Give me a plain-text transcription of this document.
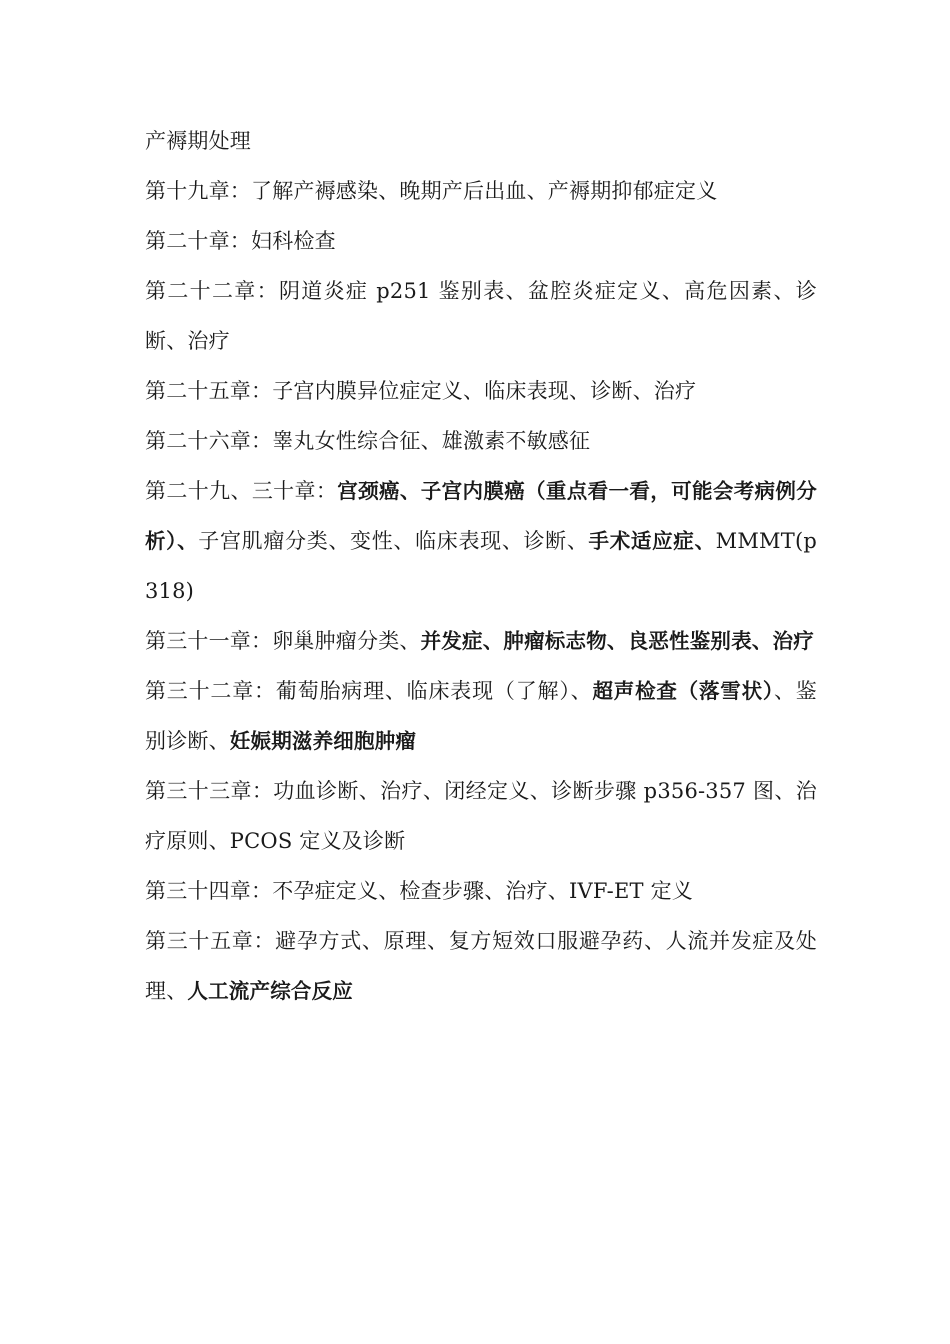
产褥期处理

第十九章：了解产褥感染、晚期产后出血、产褥期抑郁症定义

第二十章：妇科检查

第二十二章：阴道炎症 p251 鉴别表、盆腔炎症定义、高危因素、诊断、治疗

第二十五章：子宫内膜异位症定义、临床表现、诊断、治疗

第二十六章：睾丸女性综合征、雄激素不敏感征

第二十九、三十章：宫颈癌、子宫内膜癌（重点看一看，可能会考病例分析）、子宫肌瘤分类、变性、临床表现、诊断、手术适应症、MMMT(p318)

第三十一章：卵巢肿瘤分类、并发症、肿瘤标志物、良恶性鉴别表、治疗

第三十二章：葡萄胎病理、临床表现（了解）、超声检查（落雪状）、鉴别诊断、妊娠期滋养细胞肿瘤

第三十三章：功血诊断、治疗、闭经定义、诊断步骤 p356-357 图、治疗原则、PCOS 定义及诊断

第三十四章：不孕症定义、检查步骤、治疗、IVF-ET 定义

第三十五章：避孕方式、原理、复方短效口服避孕药、人流并发症及处理、人工流产综合反应
